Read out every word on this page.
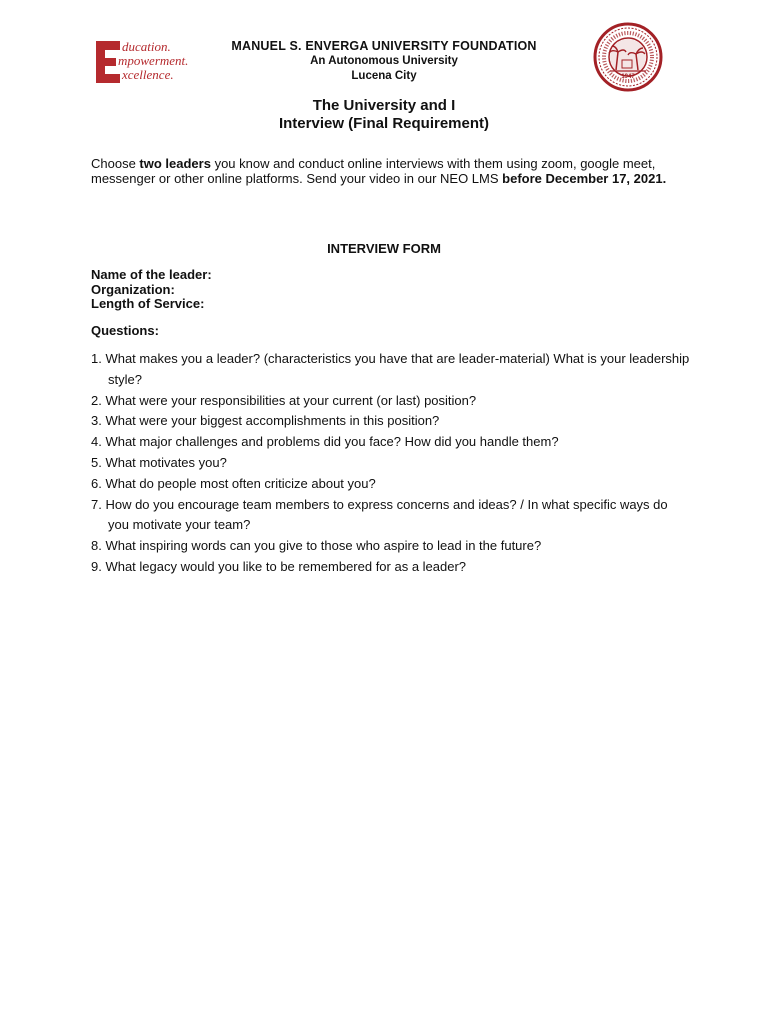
ducation.
mpowerment.
xcellence.
MANUEL S. ENVERGA UNIVERSITY FOUNDATION
An Autonomous University
Lucena City	1947
The University and I
Interview (Final Requirement)
Choose two leaders you know and conduct online interviews with them using zoom, google meet, messenger or other online platforms. Send your video in our NEO LMS before December 17, 2021.
INTERVIEW FORM
Name of the leader:
Organization:
Length of Service:
Questions:
1. What makes you a leader? (characteristics you have that are leader-material) What is your leadership style?
2. What were your responsibilities at your current (or last) position?
3. What were your biggest accomplishments in this position?
4. What major challenges and problems did you face? How did you handle them?
5. What motivates you?
6. What do people most often criticize about you?
7. How do you encourage team members to express concerns and ideas? / In what specific ways do you motivate your team?
8. What inspiring words can you give to those who aspire to lead in the future?
9. What legacy would you like to be remembered for as a leader?
